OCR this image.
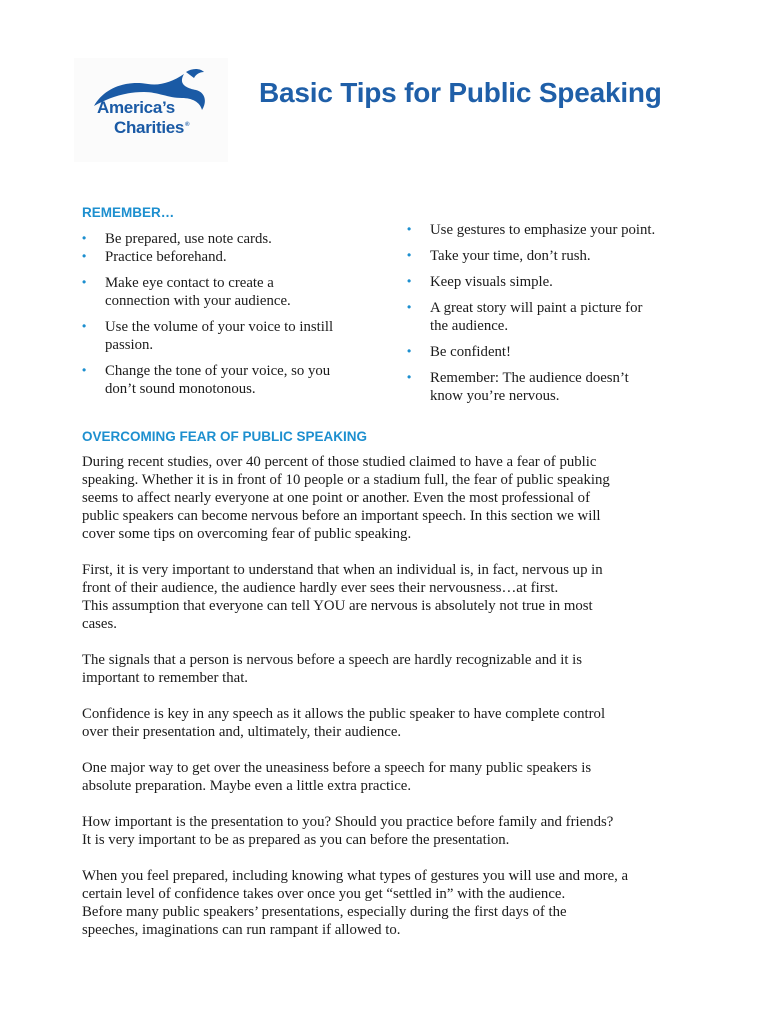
America’s
Charities®
Basic Tips for Public Speaking
REMEMBER…
• Be prepared, use note cards.
• Practice beforehand.
• Make eye contact to create a
connection with your audience.
• Use the volume of your voice to instill
passion.
• Change the tone of your voice, so you
don’t sound monotonous.
• Use gestures to emphasize your point.
• Take your time, don’t rush.
• Keep visuals simple.
• A great story will paint a picture for
the audience.
• Be confident!
• Remember: The audience doesn’t
know you’re nervous.
OVERCOMING FEAR OF PUBLIC SPEAKING

During recent studies, over 40 percent of those studied claimed to have a fear of public
speaking. Whether it is in front of 10 people or a stadium full, the fear of public speaking
seems to affect nearly everyone at one point or another. Even the most professional of
public speakers can become nervous before an important speech. In this section we will
cover some tips on overcoming fear of public speaking.

First, it is very important to understand that when an individual is, in fact, nervous up in
front of their audience, the audience hardly ever sees their nervousness…at first.
This assumption that everyone can tell YOU are nervous is absolutely not true in most
cases.

The signals that a person is nervous before a speech are hardly recognizable and it is
important to remember that.

Confidence is key in any speech as it allows the public speaker to have complete control
over their presentation and, ultimately, their audience.

One major way to get over the uneasiness before a speech for many public speakers is
absolute preparation. Maybe even a little extra practice.

How important is the presentation to you? Should you practice before family and friends?
It is very important to be as prepared as you can before the presentation.

When you feel prepared, including knowing what types of gestures you will use and more, a
certain level of confidence takes over once you get “settled in” with the audience.
Before many public speakers’ presentations, especially during the first days of the
speeches, imaginations can run rampant if allowed to.
